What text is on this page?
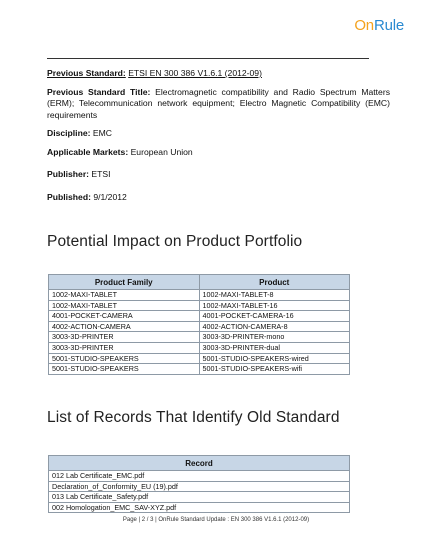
OnRule

Previous Standard: ETSI EN 300 386 V1.6.1 (2012-09)

Previous Standard Title: Electromagnetic compatibility and Radio Spectrum Matters (ERM); Telecommunication network equipment; Electro Magnetic Compatibility (EMC) requirements

Discipline: EMC

Applicable Markets: European Union

Publisher: ETSI

Published: 9/1/2012

Potential Impact on Product Portfolio
Product Family	Product
1002-MAXI-TABLET	1002-MAXI-TABLET-8
1002-MAXI-TABLET	1002-MAXI-TABLET-16
4001-POCKET-CAMERA	4001-POCKET-CAMERA-16
4002-ACTION-CAMERA	4002-ACTION-CAMERA-8
3003-3D-PRINTER	3003-3D-PRINTER-mono
3003-3D-PRINTER	3003-3D-PRINTER-dual
5001-STUDIO-SPEAKERS	5001-STUDIO-SPEAKERS-wired
5001-STUDIO-SPEAKERS	5001-STUDIO-SPEAKERS-wifi
List of Records That Identify Old Standard
Record
012 Lab Certificate_EMC.pdf
Declaration_of_Conformity_EU (19).pdf
013 Lab Certificate_Safety.pdf
002 Homologation_EMC_SAV-XYZ.pdf
Page | 2 / 3 | OnRule Standard Update : EN 300 386 V1.6.1 (2012-09)
